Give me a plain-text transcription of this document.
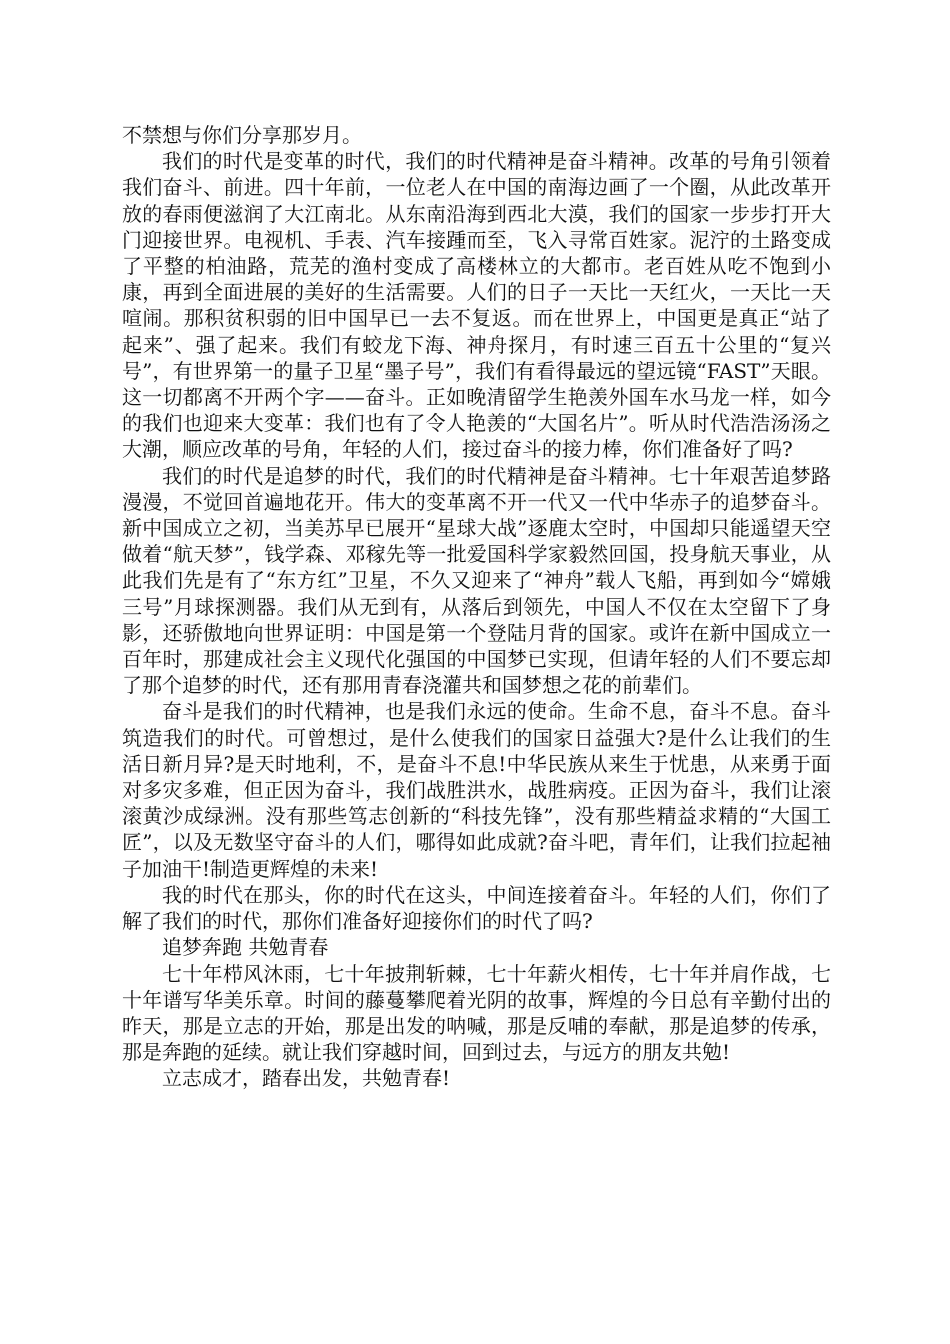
不禁想与你们分享那岁月。

我们的时代是变革的时代，我们的时代精神是奋斗精神。改革的号角引领着我们奋斗、前进。四十年前，一位老人在中国的南海边画了一个圈，从此改革开放的春雨便滋润了大江南北。从东南沿海到西北大漠，我们的国家一步步打开大门迎接世界。电视机、手表、汽车接踵而至，飞入寻常百姓家。泥泞的土路变成了平整的柏油路，荒芜的渔村变成了高楼林立的大都市。老百姓从吃不饱到小康，再到全面进展的美好的生活需要。人们的日子一天比一天红火，一天比一天喧闹。那积贫积弱的旧中国早已一去不复返。而在世界上，中国更是真正“站了起来”、强了起来。我们有蛟龙下海、神舟探月，有时速三百五十公里的“复兴号”，有世界第一的量子卫星“墨子号”，我们有看得最远的望远镜“FAST”天眼。这一切都离不开两个字——奋斗。正如晚清留学生艳羡外国车水马龙一样，如今的我们也迎来大变革：我们也有了令人艳羡的“大国名片”。听从时代浩浩汤汤之大潮，顺应改革的号角，年轻的人们，接过奋斗的接力棒，你们准备好了吗?

我们的时代是追梦的时代，我们的时代精神是奋斗精神。七十年艰苦追梦路漫漫，不觉回首遍地花开。伟大的变革离不开一代又一代中华赤子的追梦奋斗。新中国成立之初，当美苏早已展开“星球大战”逐鹿太空时，中国却只能遥望天空做着“航天梦”，钱学森、邓稼先等一批爱国科学家毅然回国，投身航天事业，从此我们先是有了“东方红”卫星，不久又迎来了“神舟”载人飞船，再到如今“嫦娥三号”月球探测器。我们从无到有，从落后到领先，中国人不仅在太空留下了身影，还骄傲地向世界证明：中国是第一个登陆月背的国家。或许在新中国成立一百年时，那建成社会主义现代化强国的中国梦已实现，但请年轻的人们不要忘却了那个追梦的时代，还有那用青春浇灌共和国梦想之花的前辈们。

奋斗是我们的时代精神，也是我们永远的使命。生命不息，奋斗不息。奋斗筑造我们的时代。可曾想过，是什么使我们的国家日益强大?是什么让我们的生活日新月异?是天时地利，不，是奋斗不息!中华民族从来生于忧患，从来勇于面对多灾多难，但正因为奋斗，我们战胜洪水，战胜病疫。正因为奋斗，我们让滚滚黄沙成绿洲。没有那些笃志创新的“科技先锋”，没有那些精益求精的“大国工匠”，以及无数坚守奋斗的人们，哪得如此成就?奋斗吧，青年们，让我们拉起袖子加油干!制造更辉煌的未来!

我的时代在那头，你的时代在这头，中间连接着奋斗。年轻的人们，你们了解了我们的时代，那你们准备好迎接你们的时代了吗?

追梦奔跑 共勉青春

七十年栉风沐雨，七十年披荆斩棘，七十年薪火相传，七十年并肩作战，七十年谱写华美乐章。时间的藤蔓攀爬着光阴的故事，辉煌的今日总有辛勤付出的昨天，那是立志的开始，那是出发的呐喊，那是反哺的奉献，那是追梦的传承，那是奔跑的延续。就让我们穿越时间，回到过去，与远方的朋友共勉!

立志成才，踏春出发，共勉青春!
